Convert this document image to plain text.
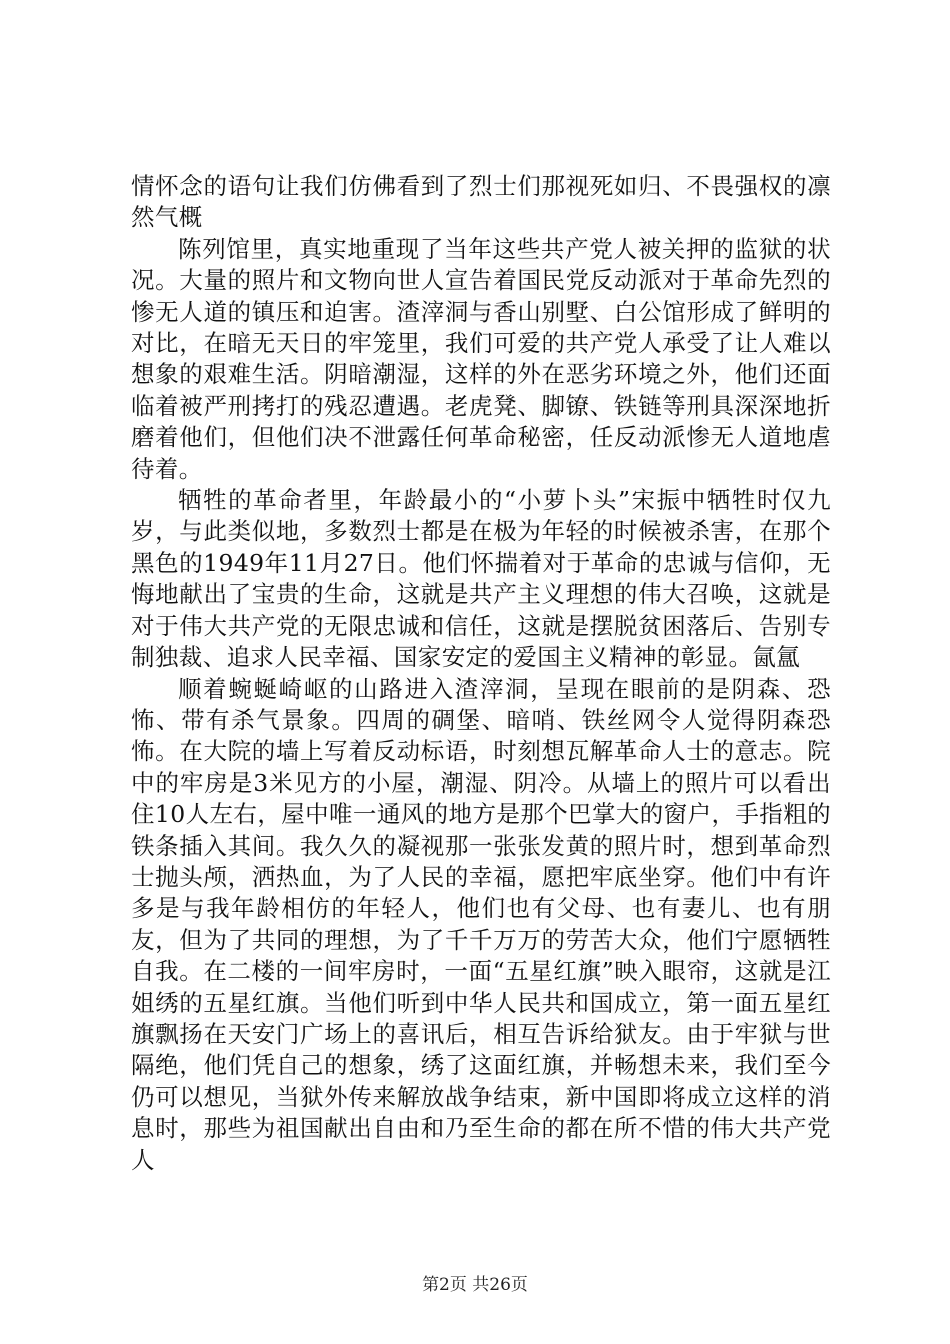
情怀念的语句让我们仿佛看到了烈士们那视死如归、不畏强权的凛然气概

陈列馆里，真实地重现了当年这些共产党人被关押的监狱的状况。大量的照片和文物向世人宣告着国民党反动派对于革命先烈的惨无人道的镇压和迫害。渣滓洞与香山别墅、白公馆形成了鲜明的对比，在暗无天日的牢笼里，我们可爱的共产党人承受了让人难以想象的艰难生活。阴暗潮湿，这样的外在恶劣环境之外，他们还面临着被严刑拷打的残忍遭遇。老虎凳、脚镣、铁链等刑具深深地折磨着他们，但他们决不泄露任何革命秘密，任反动派惨无人道地虐待着。

牺牲的革命者里，年龄最小的“小萝卜头”宋振中牺牲时仅九岁，与此类似地，多数烈士都是在极为年轻的时候被杀害，在那个黑色的1949年11月27日。他们怀揣着对于革命的忠诚与信仰，无悔地献出了宝贵的生命，这就是共产主义理想的伟大召唤，这就是对于伟大共产党的无限忠诚和信任，这就是摆脱贫困落后、告别专制独裁、追求人民幸福、国家安定的爱国主义精神的彰显。氤氲

顺着蜿蜒崎岖的山路进入渣滓洞，呈现在眼前的是阴森、恐怖、带有杀气景象。四周的碉堡、暗哨、铁丝网令人觉得阴森恐怖。在大院的墙上写着反动标语，时刻想瓦解革命人士的意志。院中的牢房是3米见方的小屋，潮湿、阴冷。从墙上的照片可以看出住10人左右，屋中唯一通风的地方是那个巴掌大的窗户，手指粗的铁条插入其间。我久久的凝视那一张张发黄的照片时，想到革命烈士抛头颅，洒热血，为了人民的幸福，愿把牢底坐穿。他们中有许多是与我年龄相仿的年轻人，他们也有父母、也有妻儿、也有朋友，但为了共同的理想，为了千千万万的劳苦大众，他们宁愿牺牲自我。在二楼的一间牢房时，一面“五星红旗”映入眼帘，这就是江姐绣的五星红旗。当他们听到中华人民共和国成立，第一面五星红旗飘扬在天安门广场上的喜讯后，相互告诉给狱友。由于牢狱与世隔绝，他们凭自己的想象，绣了这面红旗，并畅想未来，我们至今仍可以想见，当狱外传来解放战争结束，新中国即将成立这样的消息时，那些为祖国献出自由和乃至生命的都在所不惜的伟大共产党人

第2页 共26页
